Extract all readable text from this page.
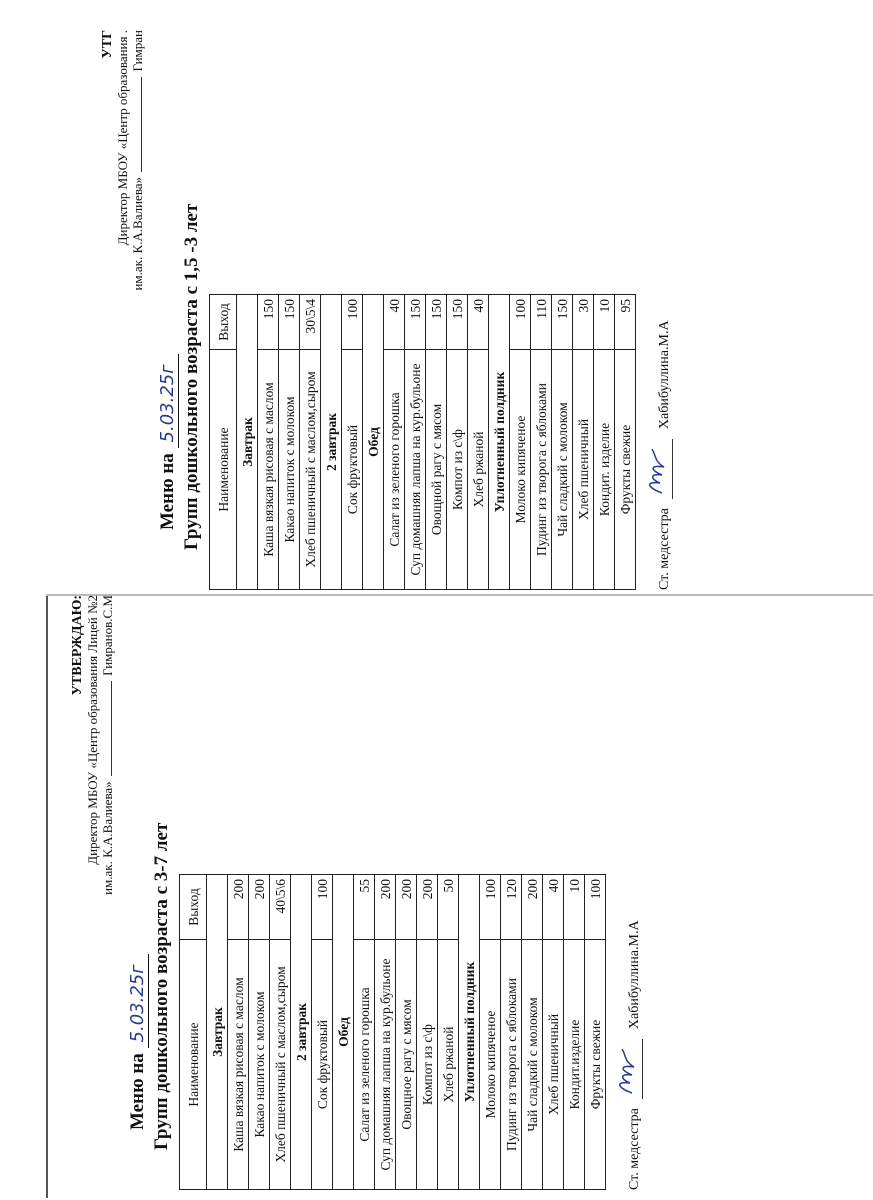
УТГ Директор МБОУ «Центр образования . им.ак. К.А.Валиева»  Гимран
Меню на 5.03.25г Групп дошкольного возраста с 1,5 -3 лет Наименование	Выход
Завтрак	
Каша вязкая рисовая с маслом	150
Какао напиток с молоком	150
Хлеб пшеничный с маслом,сыром	30\5\4
2 завтрак	
Сок фруктовый	100
Обед	
Салат из зеленого горошка	40
Суп домашняя лапша на кур.бульоне	150
Овощной рагу с мясом	150
Компот из с\ф	150
Хлеб ржаной	40
Уплотненный полдник	
Молоко кипяченое	100
Пудинг из творога с яблоками	110
Чай сладкий с молоком	150
Хлеб пшеничный	30
Кондит. изделие	10
Фрукты свежие	95
Ст. медсестра
Хабибуллина.М.А
УТВЕРЖДАЮ: Директор МБОУ «Центр образования Лицей №2 им.ак. К.А.Валиева»  Гимранов.С.М
Меню на 5.03.25г Групп дошкольного возраста с 3-7 лет Наименование	Выход
Завтрак	
Каша вязкая рисовая с маслом	200
Какао напиток с молоком	200
Хлеб пшеничный с маслом,сыром	40\5\6
2 завтрак	
Сок фруктовый	100
Обед	
Салат из зеленого горошка	55
Суп домашняя лапша на кур.бульоне	200
Овощное рагу с мясом	200
Компот из с\ф	200
Хлеб ржаной	50
Уплотненный полдник	
Молоко кипяченое	100
Пудинг из творога с яблоками	120
Чай сладкий с молоком	200
Хлеб пшеничный	40
Кондит.изделие	10
Фрукты свежие	100
Ст. медсестра
Хабибуллина.М.А
